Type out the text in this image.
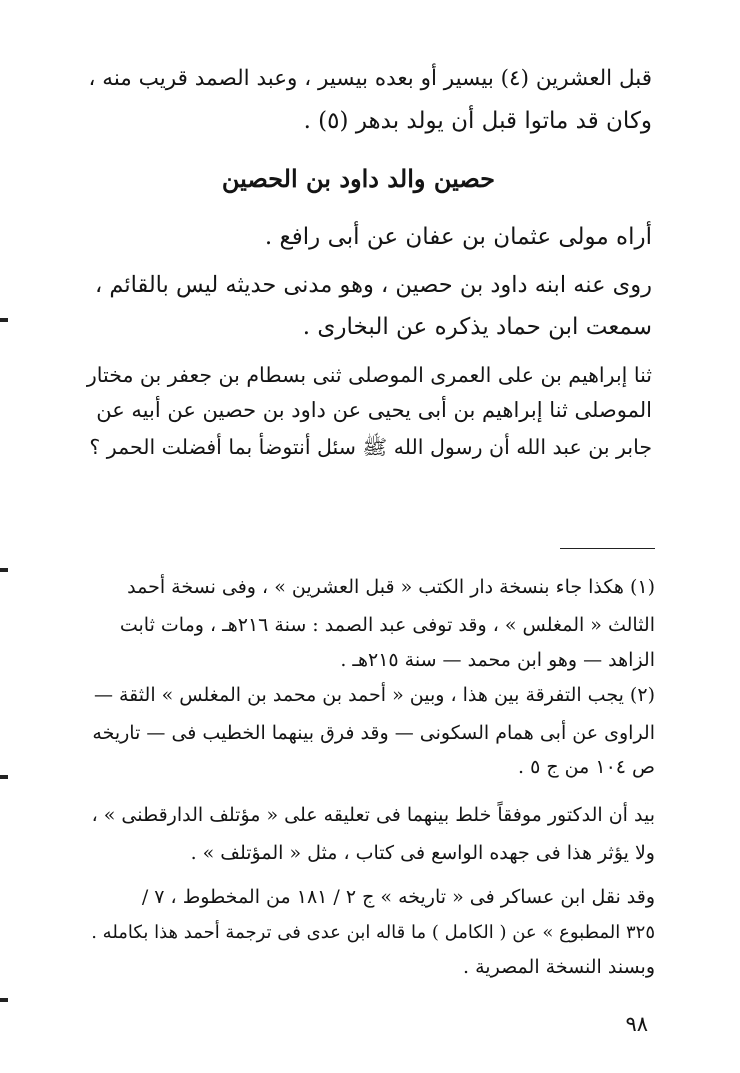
قبل العشرين (٤) بيسير أو بعده بيسير ، وعبد الصمد قريب منه ،
وكان قد ماتوا قبل أن يولد بدهر (٥) .
حصين والد داود بن الحصين
أراه مولى عثمان بن عفان عن أبى رافع .
روى عنه ابنه داود بن حصين ، وهو مدنى حديثه ليس بالقائم ،
سمعت ابن حماد يذكره عن البخارى .
ثنا إبراهيم بن على العمرى الموصلى ثنى بسطام بن جعفر بن مختار
الموصلى ثنا إبراهيم بن أبى يحيى عن داود بن حصين عن أبيه عن
جابر بن عبد الله أن رسول الله ﷺ سئل أنتوضأ بما أفضلت الحمر ؟
(١) هكذا جاء بنسخة دار الكتب « قبل العشرين » ، وفى نسخة أحمد
الثالث « المغلس » ، وقد توفى عبد الصمد : سنة ٢١٦هـ ، ومات ثابت
الزاهد — وهو ابن محمد — سنة ٢١٥هـ .
(٢) يجب التفرقة بين هذا ، وبين « أحمد بن محمد بن المغلس » الثقة —
الراوى عن أبى همام السكونى — وقد فرق بينهما الخطيب فى — تاريخه
ص ١٠٤ من ج ٥ .
بيد أن الدكتور موفقاً خلط بينهما فى تعليقه على « مؤتلف الدارقطنى » ،
ولا يؤثر هذا فى جهده الواسع فى كتاب ، مثل « المؤتلف » .
وقد نقل ابن عساكر فى « تاريخه » ج ٢ / ١٨١ من المخطوط ، ٧ /
٣٢٥ المطبوع » عن ( الكامل ) ما قاله ابن عدى فى ترجمة أحمد هذا بكامله .
وبسند النسخة المصرية .
٩٨
